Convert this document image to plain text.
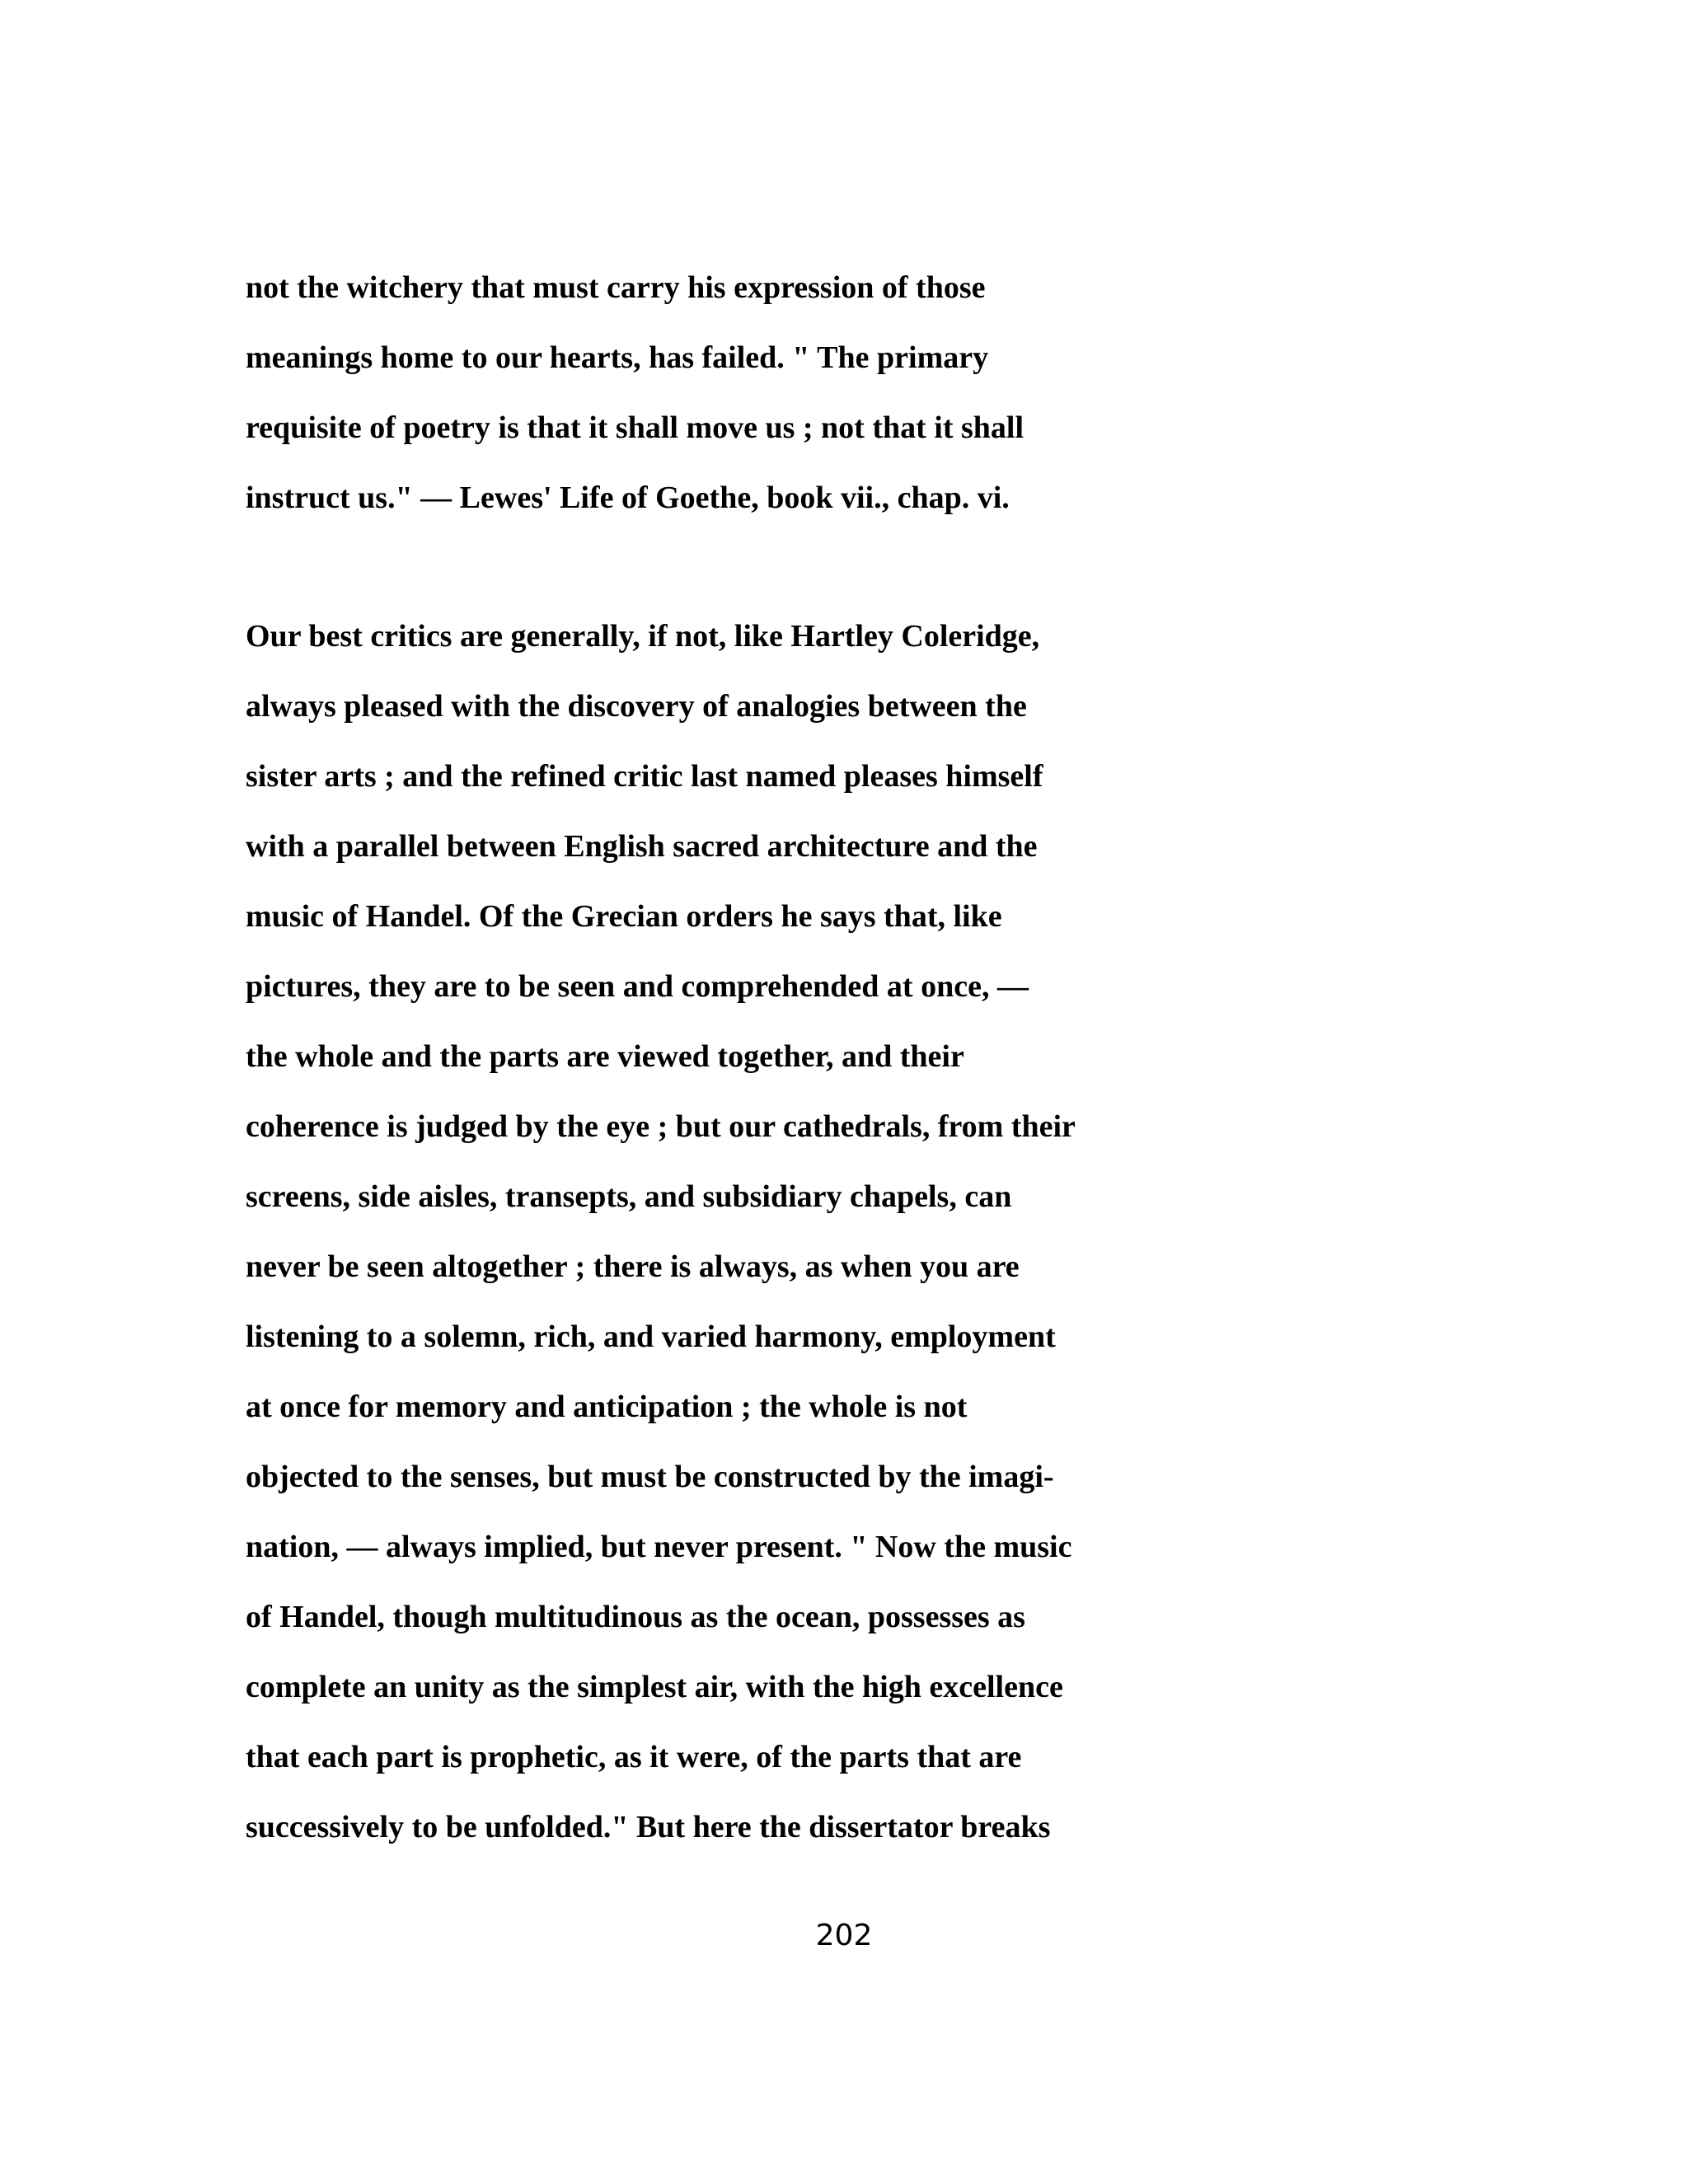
not the witchery that must carry his expression of those
meanings home to our hearts, has failed. " The primary
requisite of poetry is that it shall move us ; not that it shall
instruct us." — Lewes' Life of Goethe, book vii., chap. vi.
Our best critics are generally, if not, like Hartley Coleridge,
always pleased with the discovery of analogies between the
sister arts ; and the refined critic last named pleases himself
with a parallel between English sacred architecture and the
music of Handel. Of the Grecian orders he says that, like
pictures, they are to be seen and comprehended at once, —
the whole and the parts are viewed together, and their
coherence is judged by the eye ; but our cathedrals, from their
screens, side aisles, transepts, and subsidiary chapels, can
never be seen altogether ; there is always, as when you are
listening to a solemn, rich, and varied harmony, employment
at once for memory and anticipation ; the whole is not
objected to the senses, but must be constructed by the imagi-
nation, — always implied, but never present. " Now the music
of Handel, though multitudinous as the ocean, possesses as
complete an unity as the simplest air, with the high excellence
that each part is prophetic, as it were, of the parts that are
successively to be unfolded." But here the dissertator breaks
202
